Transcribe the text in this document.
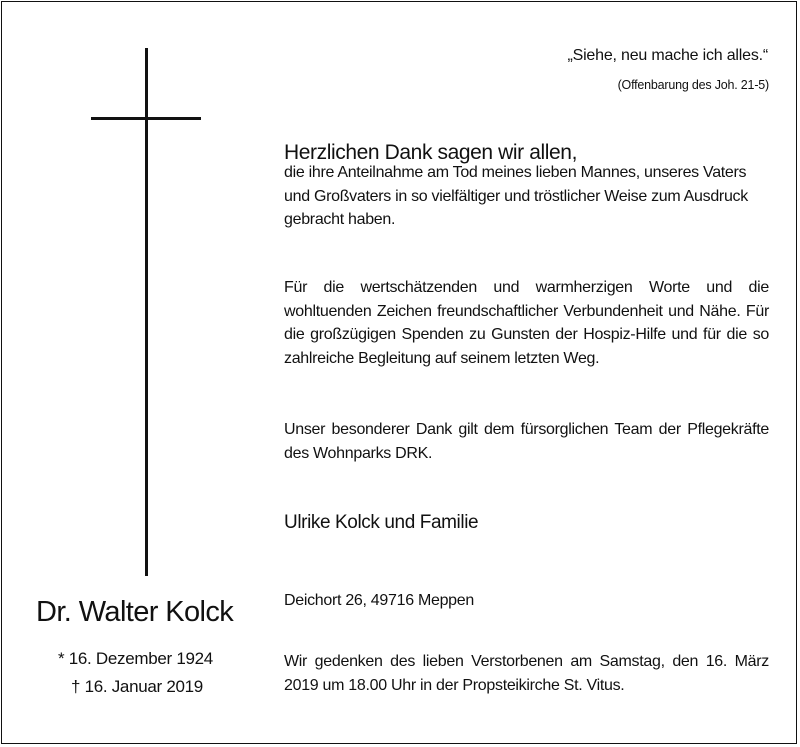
„Siehe, neu mache ich alles.“
(Offenbarung des Joh. 21-5)
Herzlichen Dank sagen wir allen,
die ihre Anteilnahme am Tod meines lieben Mannes, unseres Vaters und Großvaters in so vielfältiger und tröstlicher Weise zum Ausdruck gebracht haben.
Für die wertschätzenden und warmherzigen Worte und die wohltuenden Zeichen freundschaftlicher Verbundenheit und Nähe. Für die großzügigen Spenden zu Gunsten der Hospiz-Hilfe und für die so zahlreiche Begleitung auf seinem letzten Weg.
Unser besonderer Dank gilt dem fürsorglichen Team der Pflegekräfte des Wohnparks DRK.
Ulrike Kolck und Familie
Deichort 26, 49716 Meppen
Wir gedenken des lieben Verstorbenen am Samstag, den 16. März 2019 um 18.00 Uhr in der Propsteikirche St. Vitus.
Dr. Walter Kolck
* 16. Dezember 1924
† 16. Januar 2019
